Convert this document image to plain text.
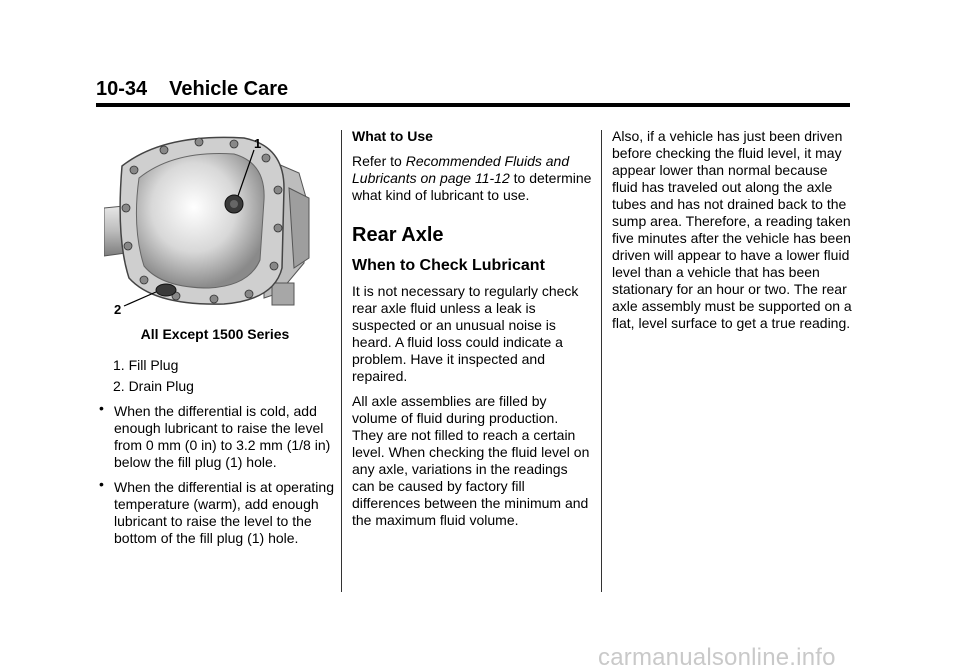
10-34 Vehicle Care
1
2
All Except 1500 Series
1. Fill Plug
2. Drain Plug
• When the differential is cold, add enough lubricant to raise the level from 0 mm (0 in) to 3.2 mm (1/8 in) below the fill plug (1) hole.
• When the differential is at operating temperature (warm), add enough lubricant to raise the level to the bottom of the fill plug (1) hole.

What to Use

Refer to Recommended Fluids and Lubricants on page 11-12 to determine what kind of lubricant to use.

Rear Axle
When to Check Lubricant

It is not necessary to regularly check rear axle fluid unless a leak is suspected or an unusual noise is heard. A fluid loss could indicate a problem. Have it inspected and repaired.

All axle assemblies are filled by volume of fluid during production. They are not filled to reach a certain level. When checking the fluid level on any axle, variations in the readings can be caused by factory fill differences between the minimum and the maximum fluid volume.

Also, if a vehicle has just been driven before checking the fluid level, it may appear lower than normal because fluid has traveled out along the axle tubes and has not drained back to the sump area. Therefore, a reading taken five minutes after the vehicle has been driven will appear to have a lower fluid level than a vehicle that has been stationary for an hour or two. The rear axle assembly must be supported on a flat, level surface to get a true reading.

carmanualsonline.info
